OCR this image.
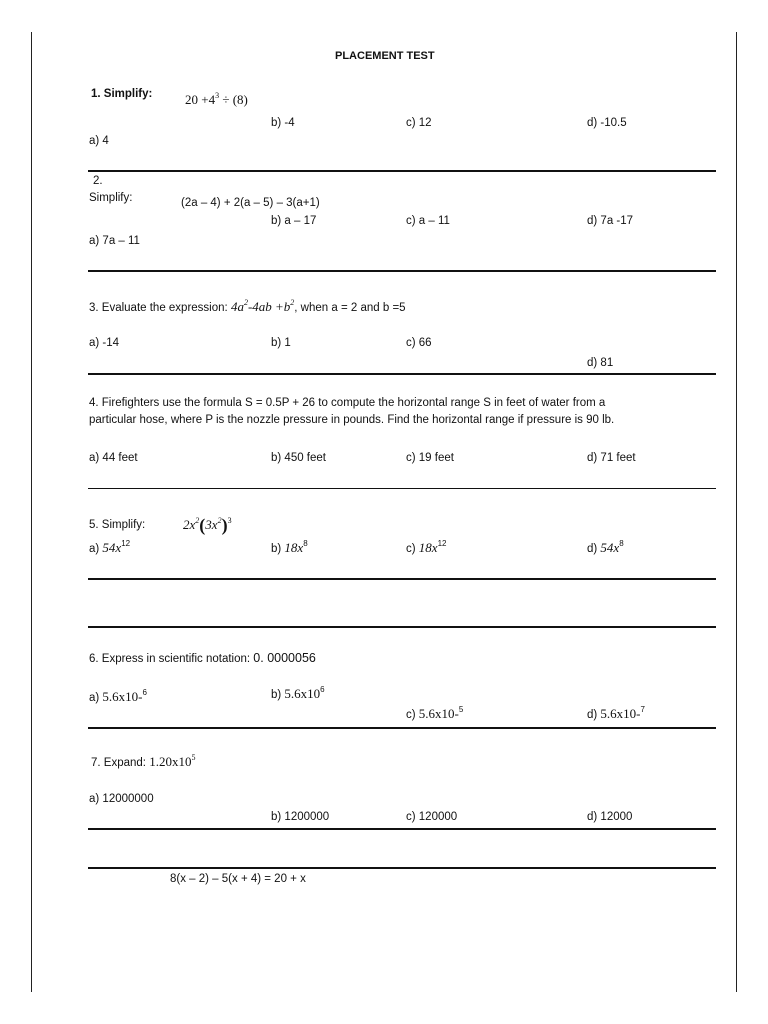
PLACEMENT TEST
1. Simplify:	$20 +4^3 \div (8)$
b) -4	c) 12	d) -10.5
a) 4
2.
Simplify:	(2a – 4) + 2(a – 5) – 3(a+1)
b) a – 17	c) a – 11	d) 7a -17
a) 7a – 11
3. Evaluate the expression: $4a^2-4ab +b^2$, when a = 2 and b =5
a) -14	b) 1	c) 66
d) 81
4. Firefighters use the formula S = 0.5P + 26 to compute the horizontal range S in feet of water from a
particular hose, where P is the nozzle pressure in pounds. Find the horizontal range if pressure is 90 lb.
a) 44 feet	b) 450 feet	c) 19 feet	d) 71 feet
5. Simplify:	$2x^2(3x^2)^3$
a) $54x^{12}$	b) $18x^8$	c) $18x^{12}$	d) $54x^8$
6. Express in scientific notation: 0. 0000056
a) 5.6x10-$^6$	b) $5.6x10^6$
c) 5.6x10-$^5$	d) 5.6x10-$^7$
7. Expand: $1.20x10^5$
a) 12000000
b) 1200000	c) 120000	d) 12000
8(x – 2) – 5(x + 4) = 20 + x
